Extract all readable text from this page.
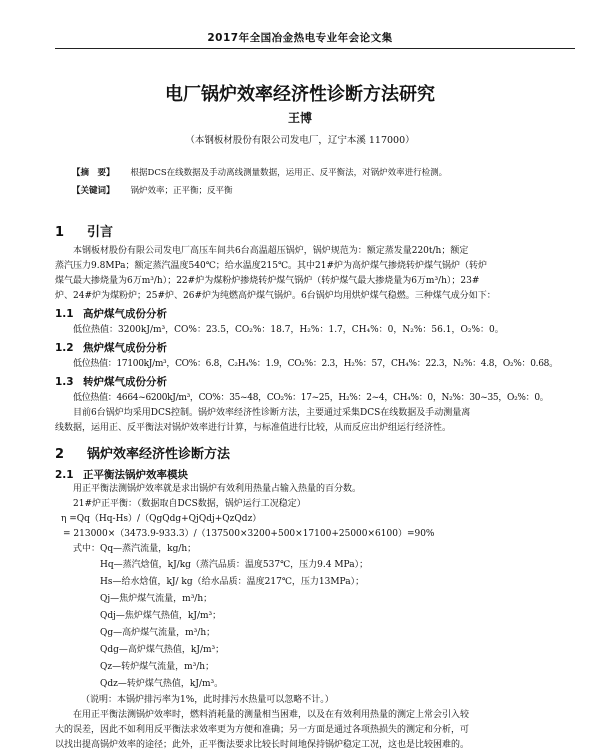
2017年全国冶金热电专业年会论文集
电厂锅炉效率经济性诊断方法研究
王博
（本钢板材股份有限公司发电厂，辽宁本溪 117000）
【摘　要】 根据DCS在线数据及手动离线测量数据，运用正、反平衡法，对锅炉效率进行检测。
【关键词】 锅炉效率；正平衡；反平衡
1 引言
本钢板材股份有限公司发电厂高压车间共6台高温超压锅炉，锅炉规范为：额定蒸发量220t/h；额定
蒸汽压力9.8MPa；额定蒸汽温度540℃；给水温度215℃。其中21#炉为高炉煤气掺烧转炉煤气锅炉（转炉
煤气最大掺烧量为6万m³/h）；22#炉为煤粉炉掺烧转炉煤气锅炉（转炉煤气最大掺烧量为6万m³/h）；23#
炉、24#炉为煤粉炉；25#炉、26#炉为纯燃高炉煤气锅炉。6台锅炉均用烘炉煤气稳燃。三种煤气成分如下：
1.1 高炉煤气成份分析
低位热值：3200kJ/m³，CO%：23.5，CO₂%：18.7，H₂%：1.7，CH₄%：0，N₂%：56.1，O₂%：0。
1.2 焦炉煤气成份分析
低位热值：17100kJ/m³，CO%：6.8，C₂H₄%：1.9，CO₂%：2.3，H₂%：57，CH₄%：22.3，N₂%：4.8，O₂%：0.68。
1.3 转炉煤气成份分析
低位热值：4664~6200kJ/m³，CO%：35~48，CO₂%：17~25，H₂%：2~4，CH₄%：0，N₂%：30~35，O₂%：0。
目前6台锅炉均采用DCS控制。锅炉效率经济性诊断方法，主要通过采集DCS在线数据及手动测量离
线数据，运用正、反平衡法对锅炉效率进行计算，与标准值进行比较，从而反应出炉组运行经济性。
2 锅炉效率经济性诊断方法
2.1 正平衡法锅炉效率模块
用正平衡法测锅炉效率就是求出锅炉有效利用热量占输入热量的百分数。
21#炉正平衡：（数据取自DCS数据，锅炉运行工况稳定）
η =Qq（Hq-Hs）/（QgQdg+QjQdj+QzQdz）
= 213000×（3473.9-933.3）/（137500×3200+500×17100+25000×6100）=90%
式中：Qq—蒸汽流量，kg/h；
Hq—蒸汽焓值，kJ/kg（蒸汽品质：温度537℃，压力9.4 MPa）；
Hs—给水焓值，kJ/ kg（给水品质：温度217℃，压力13MPa）；
Qj—焦炉煤气流量，m³/h；
Qdj—焦炉煤气热值，kJ/m³；
Qg—高炉煤气流量，m³/h；
Qdg—高炉煤气热值，kJ/m³；
Qz—转炉煤气流量，m³/h；
Qdz—转炉煤气热值，kJ/m³。
（说明：本锅炉排污率为1%，此时排污水热量可以忽略不计。）
在用正平衡法测锅炉效率时，燃料消耗量的测量相当困难，以及在有效利用热量的测定上常会引入较
大的误差，因此不如利用反平衡法求效率更为方便和准确；另一方面是通过各项热损失的测定和分析，可
以找出提高锅炉效率的途径；此外，正平衡法要求比较长时间地保持锅炉稳定工况，这也是比较困难的。
